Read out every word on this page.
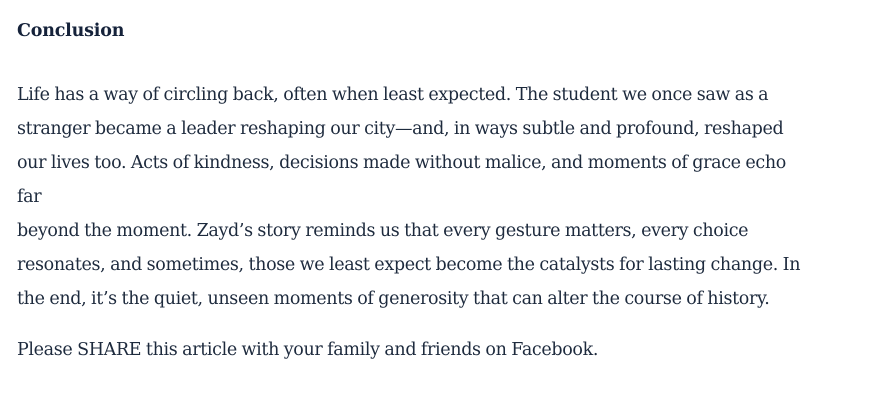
Conclusion

Life has a way of circling back, often when least expected. The student we once saw as a
stranger became a leader reshaping our city—and, in ways subtle and profound, reshaped
our lives too. Acts of kindness, decisions made without malice, and moments of grace echo
far
beyond the moment. Zayd’s story reminds us that every gesture matters, every choice
resonates, and sometimes, those we least expect become the catalysts for lasting change. In
the end, it’s the quiet, unseen moments of generosity that can alter the course of history.

Please SHARE this article with your family and friends on Facebook.
